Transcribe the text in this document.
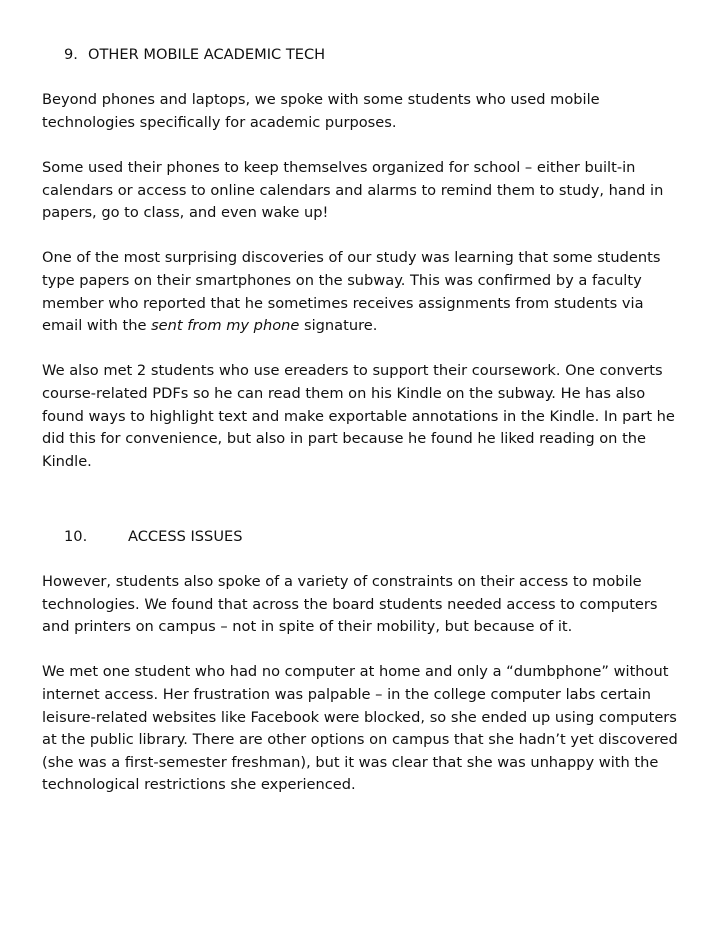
9. OTHER MOBILE ACADEMIC TECH

Beyond phones and laptops, we spoke with some students who used mobile technologies specifically for academic purposes.

Some used their phones to keep themselves organized for school – either built-in calendars or access to online calendars and alarms to remind them to study, hand in papers, go to class, and even wake up!

One of the most surprising discoveries of our study was learning that some students type papers on their smartphones on the subway. This was confirmed by a faculty member who reported that he sometimes receives assignments from students via email with the sent from my phone signature.

We also met 2 students who use ereaders to support their coursework. One converts course-related PDFs so he can read them on his Kindle on the subway. He has also found ways to highlight text and make exportable annotations in the Kindle. In part he did this for convenience, but also in part because he found he liked reading on the Kindle.

10.	ACCESS ISSUES

However, students also spoke of a variety of constraints on their access to mobile technologies. We found that across the board students needed access to computers and printers on campus – not in spite of their mobility, but because of it.

We met one student who had no computer at home and only a “dumbphone” without internet access. Her frustration was palpable – in the college computer labs certain leisure-related websites like Facebook were blocked, so she ended up using computers at the public library. There are other options on campus that she hadn’t yet discovered (she was a first-semester freshman), but it was clear that she was unhappy with the technological restrictions she experienced.
